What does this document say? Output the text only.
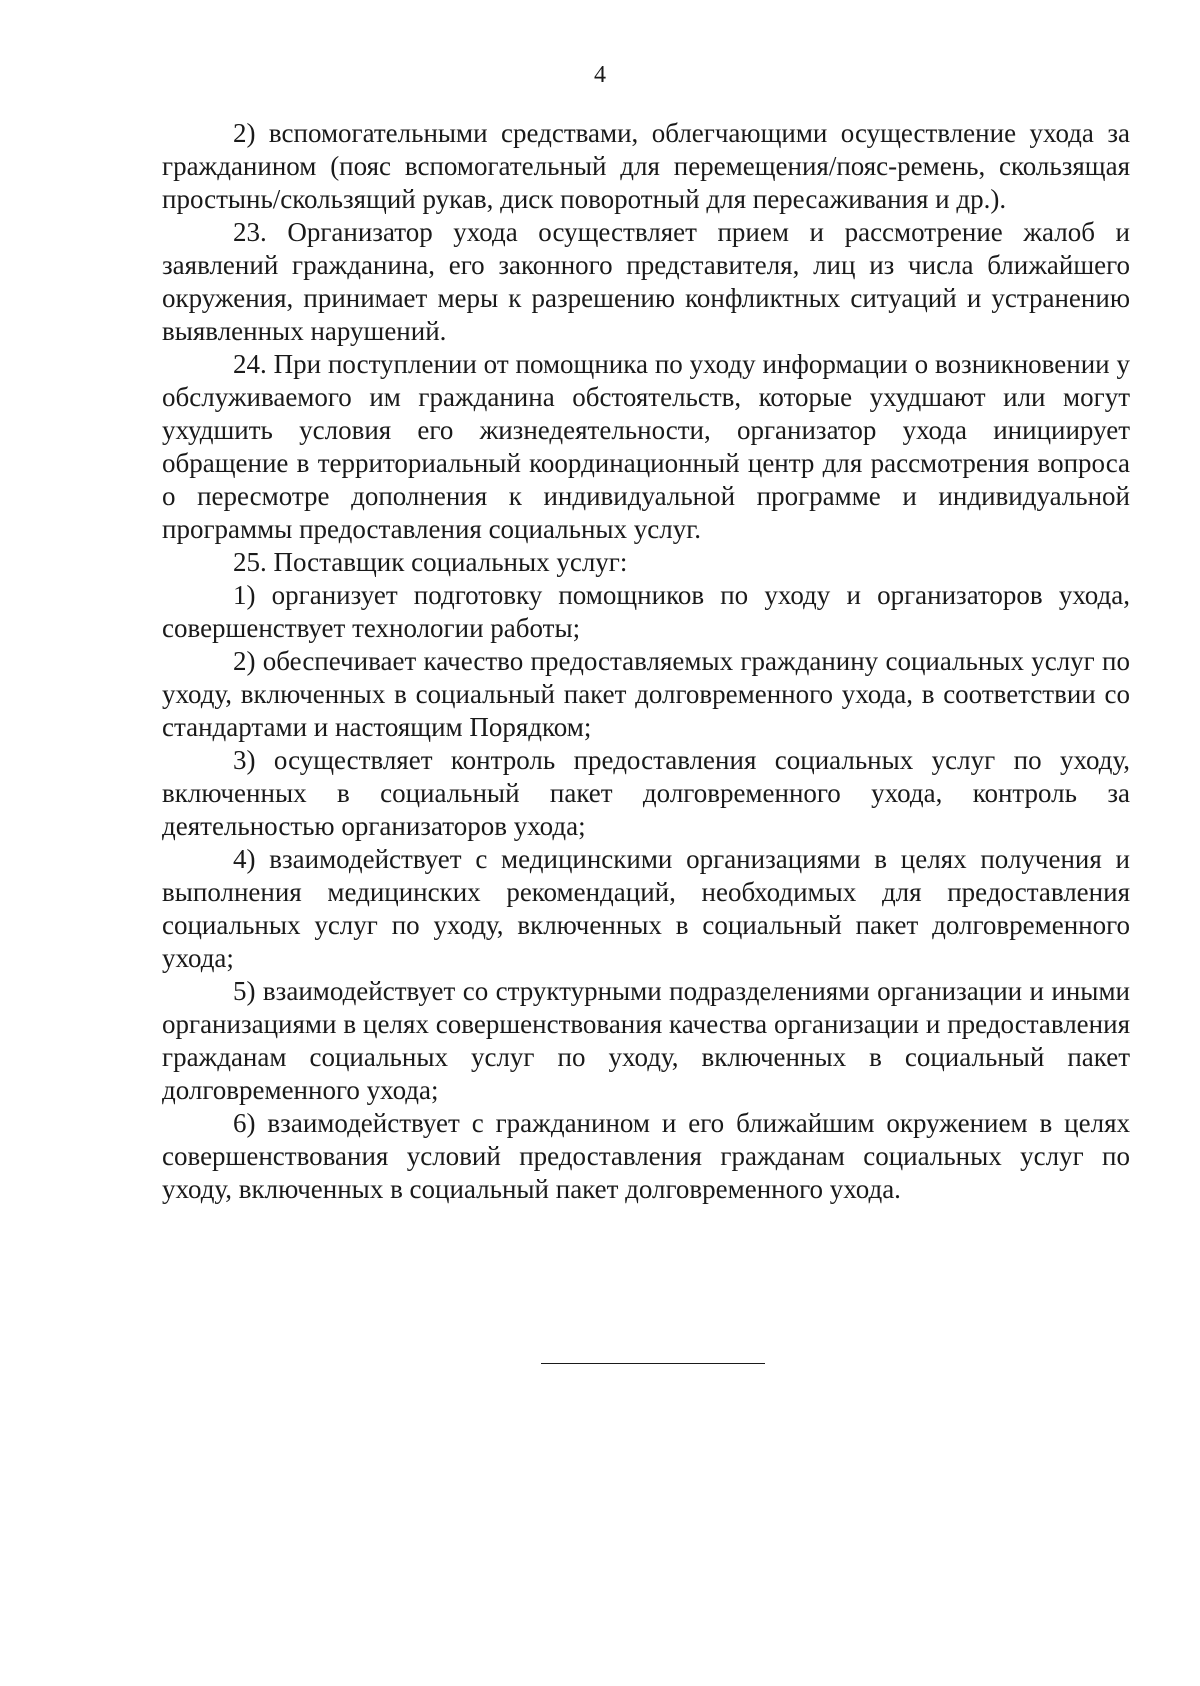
4

2) вспомогательными средствами, облегчающими осуществление ухода за гражданином (пояс вспомогательный для перемещения/пояс-ремень, скользящая простынь/скользящий рукав, диск поворотный для пересаживания и др.).

23. Организатор ухода осуществляет прием и рассмотрение жалоб и заявлений гражданина, его законного представителя, лиц из числа ближайшего окружения, принимает меры к разрешению конфликтных ситуаций и устранению выявленных нарушений.

24. При поступлении от помощника по уходу информации о возникновении у обслуживаемого им гражданина обстоятельств, которые ухудшают или могут ухудшить условия его жизнедеятельности, организатор ухода инициирует обращение в территориальный координационный центр для рассмотрения вопроса о пересмотре дополнения к индивидуальной программе и индивидуальной программы предоставления социальных услуг.

25. Поставщик социальных услуг:

1) организует подготовку помощников по уходу и организаторов ухода, совершенствует технологии работы;

2) обеспечивает качество предоставляемых гражданину социальных услуг по уходу, включенных в социальный пакет долговременного ухода, в соответствии со стандартами и настоящим Порядком;

3) осуществляет контроль предоставления социальных услуг по уходу, включенных в социальный пакет долговременного ухода, контроль за деятельностью организаторов ухода;

4) взаимодействует с медицинскими организациями в целях получения и выполнения медицинских рекомендаций, необходимых для предоставления социальных услуг по уходу, включенных в социальный пакет долговременного ухода;

5) взаимодействует со структурными подразделениями организации и иными организациями в целях совершенствования качества организации и предоставления гражданам социальных услуг по уходу, включенных в социальный пакет долговременного ухода;

6) взаимодействует с гражданином и его ближайшим окружением в целях совершенствования условий предоставления гражданам социальных услуг по уходу, включенных в социальный пакет долговременного ухода.
